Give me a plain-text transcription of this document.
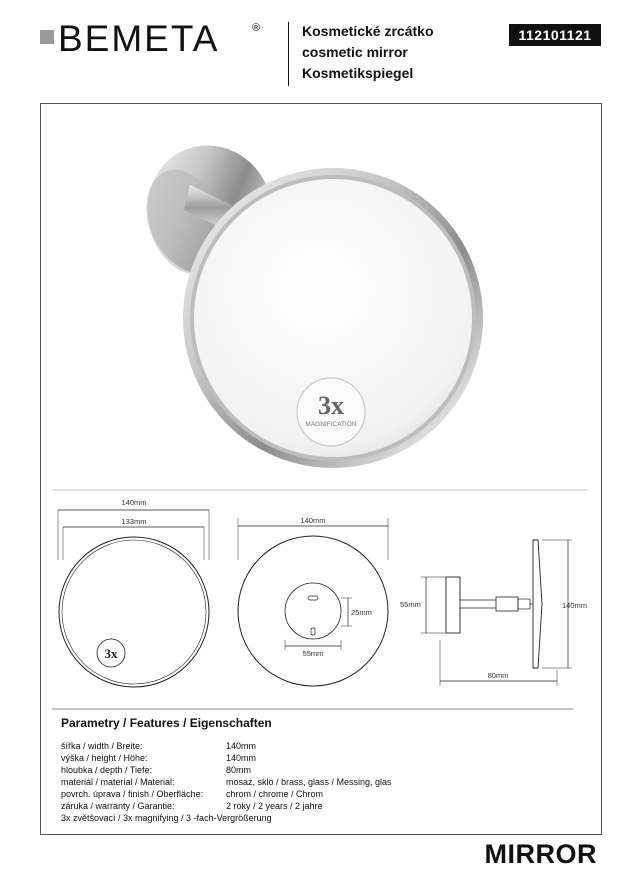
BEMETA	®	Kosmetické zrcátko
cosmetic mirror
Kosmetikspiegel
112101121
3x
MAGNIFICATION
140mm
133mm
3x
140mm
55mm
25mm
55mm	140mm
80mm
Parametry / Features / Eigenschaften
šířka / width / Breite:	140mm
výška / height / Höhe:	140mm
hloubka / depth / Tiefe:	80mm
materiál / material / Material:	mosaz, sklo / brass, glass / Messing, glas
povrch. úprava / finish / Oberfläche:	chrom / chrome / Chrom
záruka / warranty / Garantie:	2 roky / 2 years / 2 jahre
3x zvětšovací / 3x magnifying / 3 -fach-Vergrößerung
MIRROR
